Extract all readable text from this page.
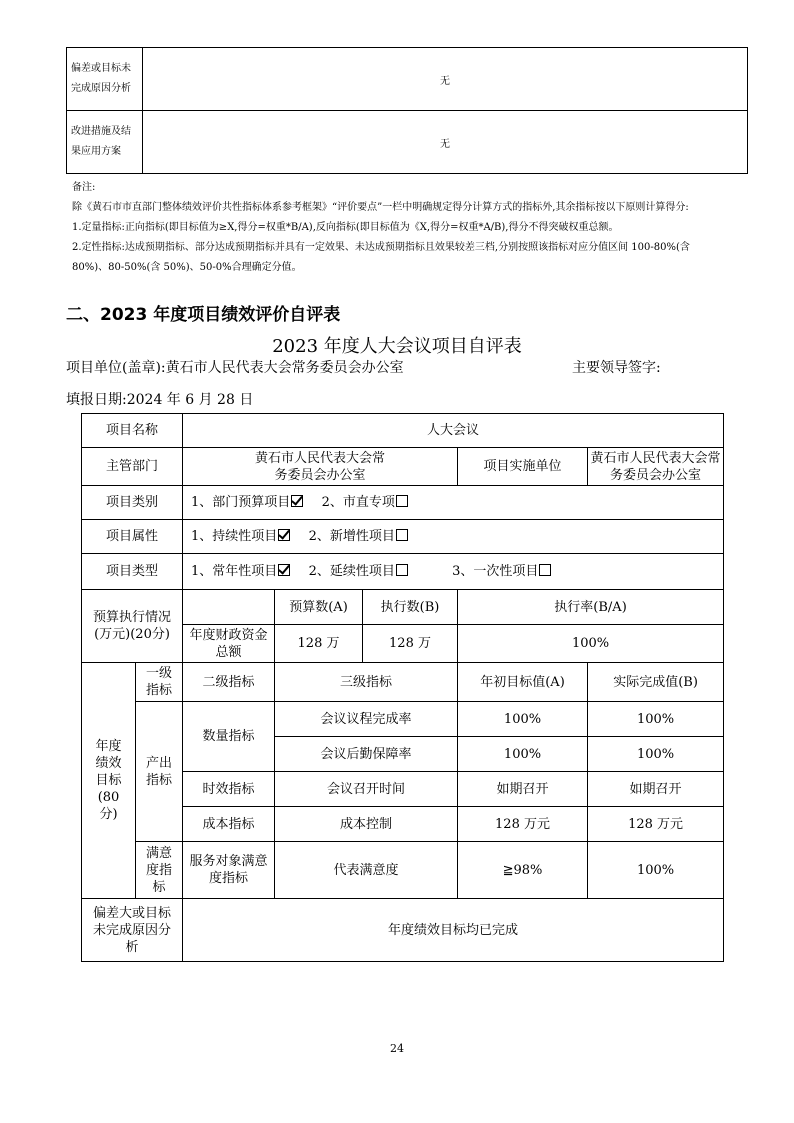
偏差或目标未完成原因分析	无
改进措施及结果应用方案	无
备注:
除《黄石市市直部门整体绩效评价共性指标体系参考框架》“评价要点”一栏中明确规定得分计算方式的指标外,其余指标按以下原则计算得分:
1.定量指标:正向指标(即目标值为≥X,得分=权重*B/A),反向指标(即目标值为《X,得分=权重*A/B),得分不得突破权重总额。
2.定性指标:达成预期指标、部分达成预期指标并具有一定效果、未达成预期指标且效果较差三档,分别按照该指标对应分值区间 100-80%(含
80%)、80-50%(含 50%)、50-0%合理确定分值。
二、2023 年度项目绩效评价自评表
2023 年度人大会议项目自评表
项目单位(盖章):黄石市人民代表大会常务委员会办公室	主要领导签字:
填报日期:2024 年 6 月 28 日
项目名称		人大会议				
主管部门		黄石市人民代表大会常务委员会办公室			项目实施单位	黄石市人民代表大会常务委员会办公室

项目类别		1、部门预算项目 2、市直专项				
项目属性		1、持续性项目 2、新增性项目				
项目类型		1、常年性项目 2、延续性项目 3、一次性项目				

预算执行情况(万元)(20分)			预算数(A)	执行数(B)	执行率(B/A)	

		年度财政资金总额	128 万	128 万	100%	

年度绩效目标(80分)	一级指标	二级指标	三级指标		年初目标值(A)	实际完成值(B)

	产出指标	数量指标	会议议程完成率		100%	100%
			会议后勤保障率		100%	100%
		时效指标	会议召开时间		如期召开	如期召开
		成本指标	成本控制		128 万元	128 万元

	满意度指标	服务对象满意度指标	代表满意度		≧98%	100%

偏差大或目标未完成原因分析		年度绩效目标均已完成				
24
